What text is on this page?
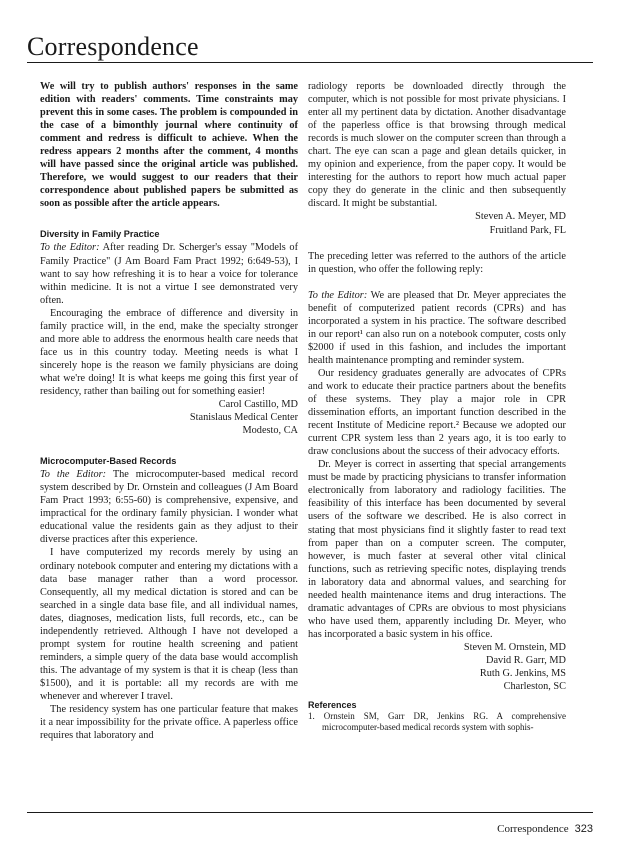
Correspondence

We will try to publish authors' responses in the same edition with readers' comments. Time constraints may prevent this in some cases. The problem is compounded in the case of a bimonthly journal where continuity of comment and redress is difficult to achieve. When the redress appears 2 months after the comment, 4 months will have passed since the original article was published. Therefore, we would suggest to our readers that their correspondence about published papers be submitted as soon as possible after the article appears.

Diversity in Family Practice

To the Editor: After reading Dr. Scherger's essay "Models of Family Practice" (J Am Board Fam Pract 1992; 6:649-53), I want to say how refreshing it is to hear a voice for tolerance within medicine. It is not a virtue I see demonstrated very often.

Encouraging the embrace of difference and diversity in family practice will, in the end, make the specialty stronger and more able to address the enormous health care needs that face us in this country today. Meeting needs is what I sincerely hope is the reason we family physicians are doing what we're doing! It is what keeps me going this first year of residency, rather than bailing out for something easier!

Carol Castillo, MD
Stanislaus Medical Center
Modesto, CA
Microcomputer-Based Records

To the Editor: The microcomputer-based medical record system described by Dr. Ornstein and colleagues (J Am Board Fam Pract 1993; 6:55-60) is comprehensive, expensive, and impractical for the ordinary family physician. I wonder what educational value the residents gain as they adjust to their diverse practices after this experience.

I have computerized my records merely by using an ordinary notebook computer and entering my dictations with a data base manager rather than a word processor. Consequently, all my medical dictation is stored and can be searched in a single data base file, and all individual names, dates, diagnoses, medication lists, full records, etc., can be independently retrieved. Although I have not developed a prompt system for routine health screening and patient reminders, a simple query of the data base would accomplish this. The advantage of my system is that it is cheap (less than $1500), and it is portable: all my records are with me whenever and wherever I travel.

The residency system has one particular feature that makes it a near impossibility for the private office. A paperless office requires that laboratory and

radiology reports be downloaded directly through the computer, which is not possible for most private physicians. I enter all my pertinent data by dictation. Another disadvantage of the paperless office is that browsing through medical records is much slower on the computer screen than through a chart. The eye can scan a page and glean details quicker, in my opinion and experience, from the paper copy. It would be interesting for the authors to report how much actual paper copy they do generate in the clinic and then subsequently discard. It might be substantial.

Steven A. Meyer, MD
Fruitland Park, FL

The preceding letter was referred to the authors of the article in question, who offer the following reply:

To the Editor: We are pleased that Dr. Meyer appreciates the benefit of computerized patient records (CPRs) and has incorporated a system in his practice. The software described in our report¹ can also run on a notebook computer, costs only $2000 if used in this fashion, and includes the important health maintenance prompting and reminder system.

Our residency graduates generally are advocates of CPRs and work to educate their practice partners about the benefits of these systems. They play a major role in CPR dissemination efforts, an important function described in the recent Institute of Medicine report.² Because we adopted our current CPR system less than 2 years ago, it is too early to draw conclusions about the success of their advocacy efforts.

Dr. Meyer is correct in asserting that special arrangements must be made by practicing physicians to transfer information electronically from laboratory and radiology facilities. The feasibility of this interface has been documented by several users of the software we described. He is also correct in stating that most physicians find it slightly faster to read text from paper than on a computer screen. The computer, however, is much faster at several other vital clinical functions, such as retrieving specific notes, displaying trends in laboratory data and abnormal values, and searching for needed health maintenance items and drug interactions. The dramatic advantages of CPRs are obvious to most physicians who have used them, apparently including Dr. Meyer, who has incorporated a basic system in his office.

Steven M. Ornstein, MD
David R. Garr, MD
Ruth G. Jenkins, MS
Charleston, SC
References

1. Ornstein SM, Garr DR, Jenkins RG. A comprehensive microcomputer-based medical records system with sophis-

Correspondence 323
